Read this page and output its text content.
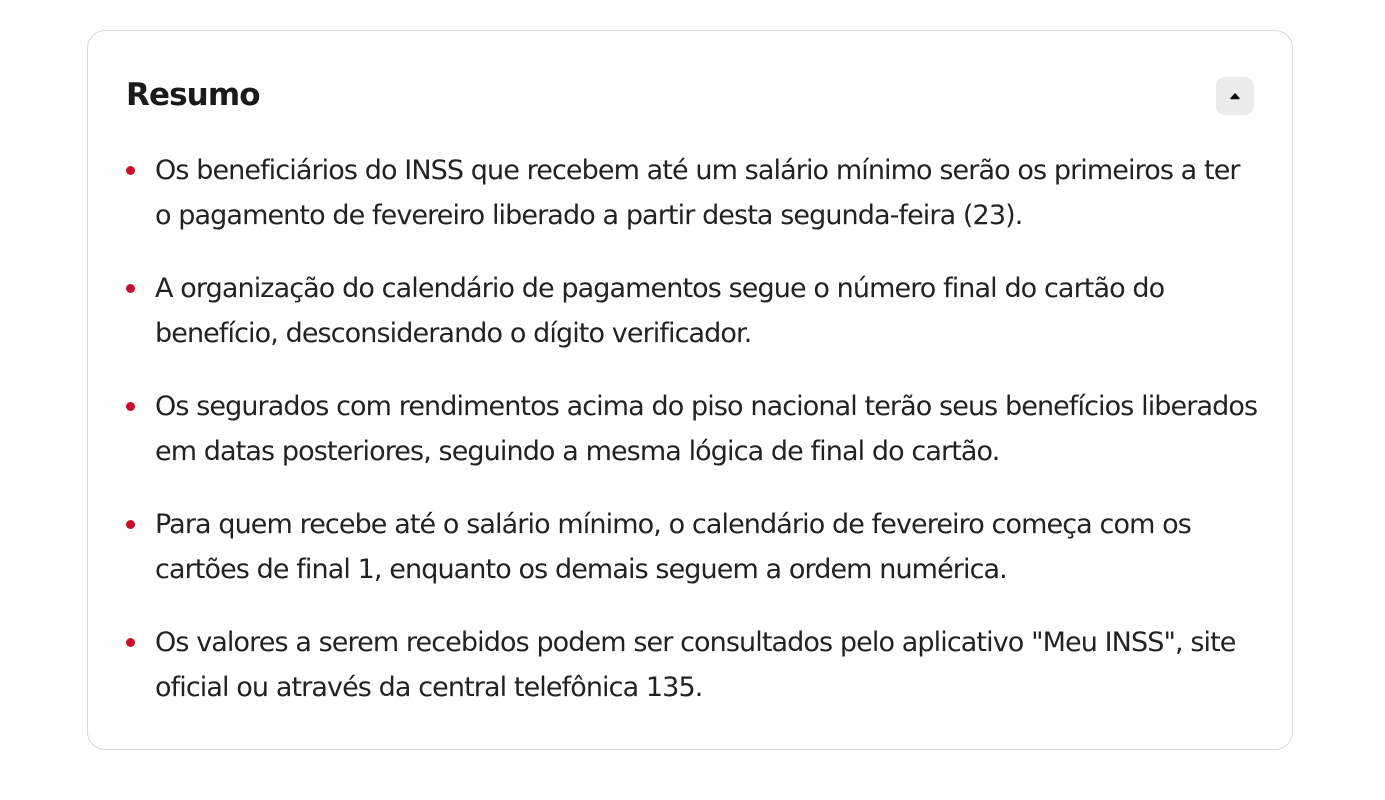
Resumo
Os beneficiários do INSS que recebem até um salário mínimo serão os primeiros a ter o pagamento de fevereiro liberado a partir desta segunda-feira (23).
A organização do calendário de pagamentos segue o número final do cartão do benefício, desconsiderando o dígito verificador.
Os segurados com rendimentos acima do piso nacional terão seus benefícios liberados em datas posteriores, seguindo a mesma lógica de final do cartão.
Para quem recebe até o salário mínimo, o calendário de fevereiro começa com os cartões de final 1, enquanto os demais seguem a ordem numérica.
Os valores a serem recebidos podem ser consultados pelo aplicativo "Meu INSS", site oficial ou através da central telefônica 135.
